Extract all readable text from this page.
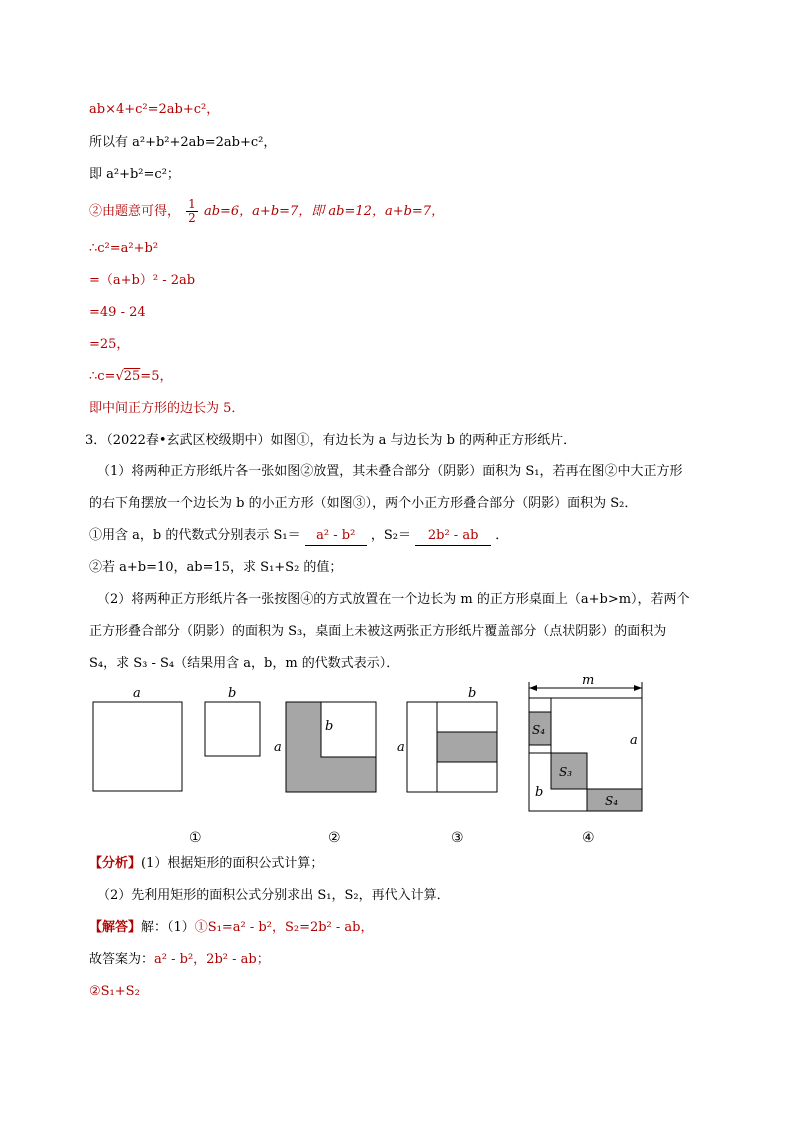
ab×4+c²=2ab+c²，
所以有 a²+b²+2ab=2ab+c²，
即 a²+b²=c²；
②由题意可得， $\frac{1}{2} ab=6$，a+b=7，即 ab=12，a+b=7，
∴c²=a²+b²
=（a+b）² - 2ab
=49 - 24
=25，
∴c=√25=5，
即中间正方形的边长为 5．
3．（2022春•玄武区校级期中）如图①，有边长为 a 与边长为 b 的两种正方形纸片．
（1）将两种正方形纸片各一张如图②放置，其未叠合部分（阴影）面积为 S₁，若再在图②中大正方形
的右下角摆放一个边长为 b 的小正方形（如图③），两个小正方形叠合部分（阴影）面积为 S₂．
①用含 a，b 的代数式分别表示 S₁＝ a² - b² ，S₂＝ 2b² - ab ．
②若 a+b=10，ab=15，求 S₁+S₂ 的值；
（2）将两种正方形纸片各一张按图④的方式放置在一个边长为 m 的正方形桌面上（a+b>m），若两个
正方形叠合部分（阴影）的面积为 S₃，桌面上未被这两张正方形纸片覆盖部分（点状阴影）的面积为
S₄，求 S₃ - S₄（结果用含 a，b，m 的代数式表示）．
a	b
b
a
b
a
m
S₄
S₃
S₄
a
b
①	②	③	④
【分析】(1）根据矩形的面积公式计算；
（2）先利用矩形的面积公式分别求出 S₁，S₂，再代入计算．
【解答】解：（1）①S₁=a² - b²，S₂=2b² - ab，
故答案为：a² - b²，2b² - ab；
②S₁+S₂
